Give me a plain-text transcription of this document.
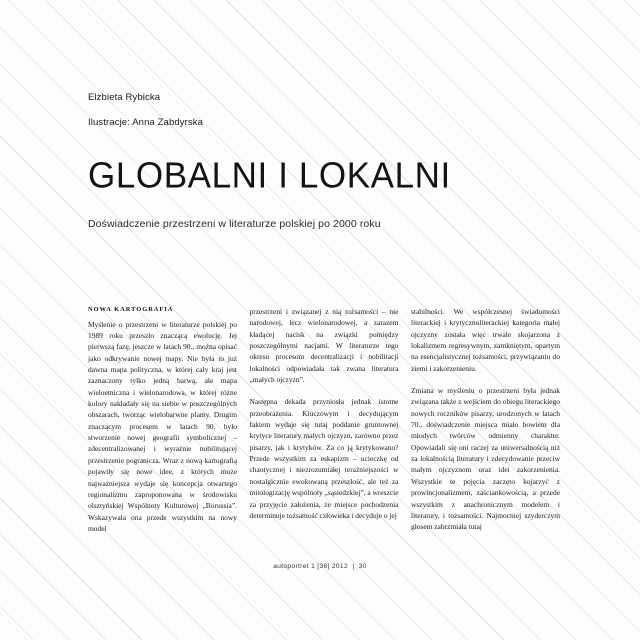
Elżbieta Rybicka

Ilustracje: Anna Zabdyrska

GLOBALNI I LOKALNI

Doświadczenie przestrzeni w literaturze polskiej po 2000 roku

NOWA KARTOGRAFIA

Myślenie o przestrzeni w literaturze polskiej po 1989 roku przeszło znaczącą ewolucję. Jej pierwszą fazę, jeszcze w latach 90., można opisać jako odkrywanie nowej mapy. Nie była to już dawna mapa polityczna, w której cały kraj jest zaznaczony tylko jedną barwą, ale mapa wieloetniczna i wielonarodowa, w której różne kolory nakładały się na siebie w poszczególnych obszarach, tworząc wielobarwne plamy. Drugim znaczącym procesem w latach 90. było stworzenie nowej geografii symbolicznej – zdecentralizowanej i wyraźnie nobilitującej przestrzenie pogranicza. Wraz z nową kartografią pojawiły się nowe idee, z których może najważniejsza wydaje się koncepcja otwartego regionalizmu zaproponowana w środowisku olsztyńskiej Wspólnoty Kulturowej „Borussia”. Wskazywała ona przede wszystkim na nowy model

przestrzeni i związanej z nią tożsamości – nie narodowej, lecz wielonarodowej, a zarazem kładącej nacisk na związki pomiędzy poszczególnymi nacjami. W literaturze tego okresu procesom decentralizacji i nobilitacji lokalności odpowiadała tak zwana literatura „małych ojczyzn”.

Następna dekada przyniosła jednak istotne przeobrażenia. Kluczowym i decydującym faktem wydaje się tutaj poddanie gruntownej krytyce literatury małych ojczyzn, zarówno przez pisarzy, jak i krytyków. Za co ją krytykowano? Przede wszystkim za eskapizm – ucieczkę od chaotycznej i niezrozumiałej teraźniejszości w nostalgicznie ewokowaną przeszłość, ale też za mitologizację wspólnoty „sąsiedzkiej”, a wreszcie za przyjęcie założenia, że miejsce pochodzenia determinuje tożsamość człowieka i decyduje o jej

stabilności. We współczesnej świadomości literackiej i krytycznoliterackiej kategoria małej ojczyzny została więc trwale skojarzona z lokalizmem regresywnym, zamkniętym, opartym na esencjalistycznej tożsamości, przywiązaniu do ziemi i zakorzenieniu.

Zmiana w myśleniu o przestrzeni była jednak związana także z wejściem do obiegu literackiego nowych roczników pisarzy, urodzonych w latach 70., doświadczenie miejsca miało bowiem dla młodych twórców odmienny charakter. Opowiadali się oni raczej za uniwersalnością niż za lokalnością literatury i zdecydowanie przeciw małym ojczyznom oraz idei zakorzenienia. Wszystkie te pojęcia zaczęto kojarzyć z prowincjonalizmem, zaściankowością, a przede wszystkim z anachronicznym modelem i literatury, i tożsamości. Najmocniej szyderczym głosem zabrzmiała tutaj

autoportret 1 [36] 2012  |  30
